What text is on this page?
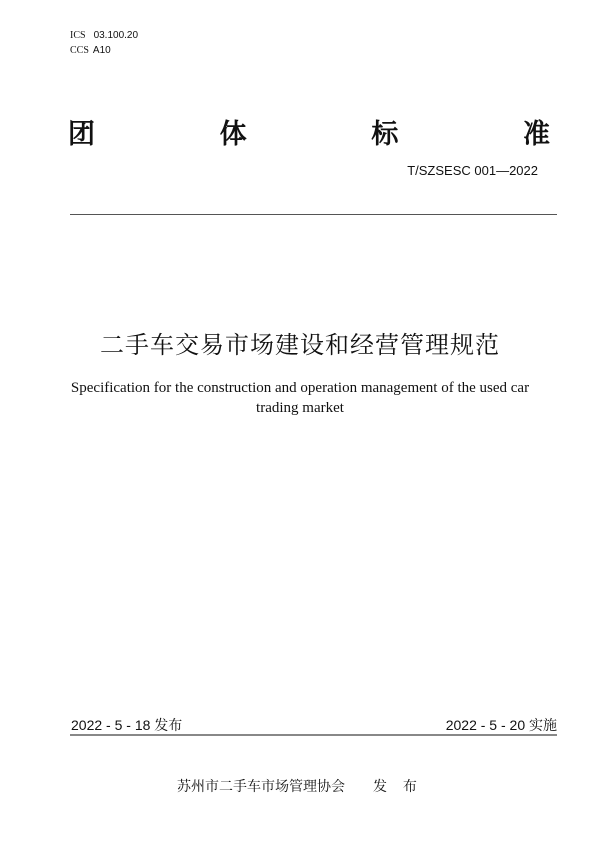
ICS 03.100.20
CCS A10
团	体	标	准
T/SZSESC 001—2022
二手车交易市场建设和经营管理规范
Specification for the construction and operation management of the used car trading market
2022 - 5 - 18 发布	2022 - 5 - 20 实施
苏州市二手车市场管理协会 发 布
